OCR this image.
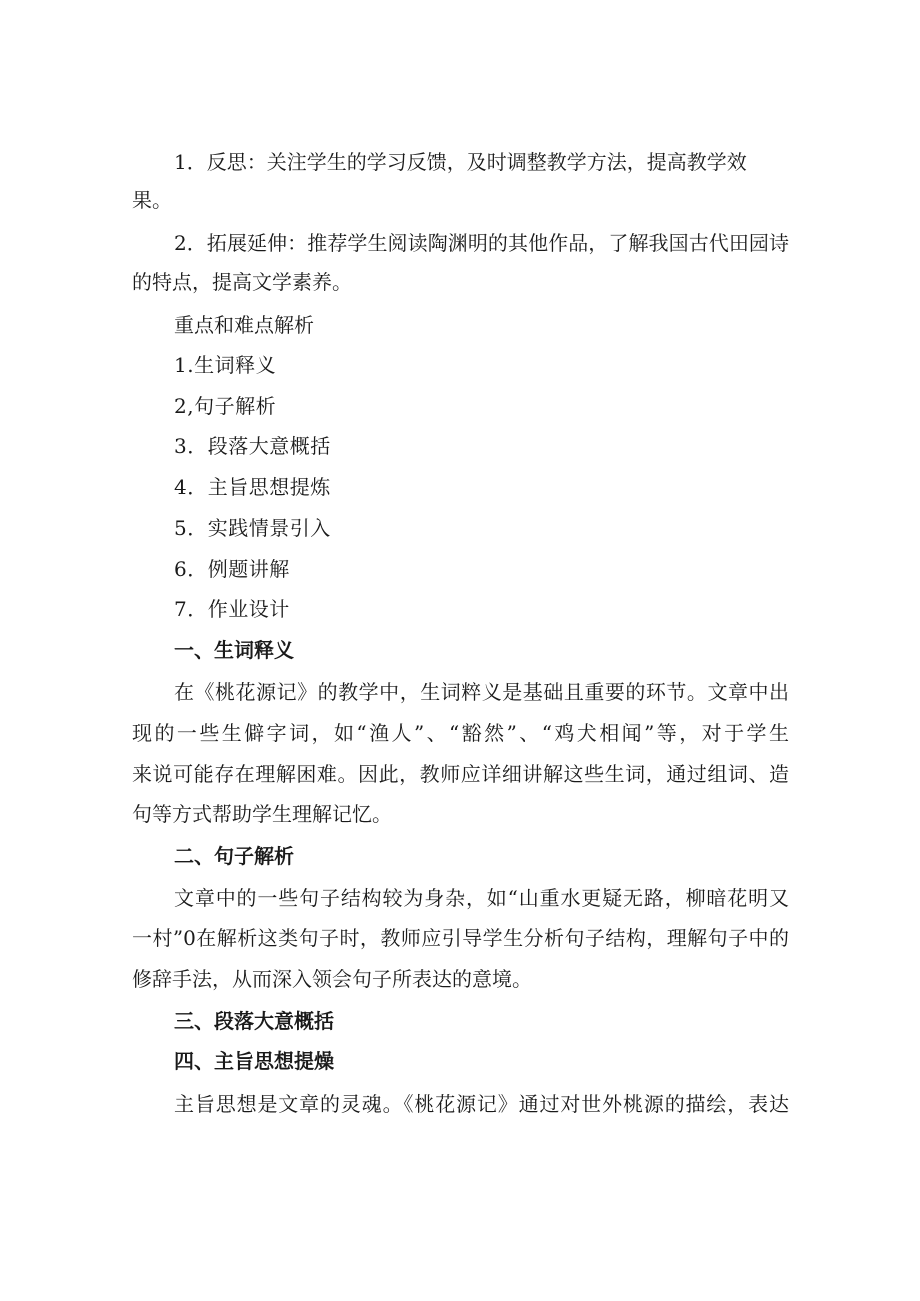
1．反思：关注学生的学习反馈，及时调整教学方法，提高教学效
果。
2．拓展延伸：推荐学生阅读陶渊明的其他作品，了解我国古代田园诗
的特点，提高文学素养。
重点和难点解析
1.生词释义
2,句子解析
3．段落大意概括
4．主旨思想提炼
5．实践情景引入
6．例题讲解
7．作业设计
一、生词释义
在《桃花源记》的教学中，生词粹义是基础且重要的环节。文章中出
现的一些生僻字词，如“渔人”、“豁然”、“鸡犬相闻”等，对于学生
来说可能存在理解困难。因此，教师应详细讲解这些生词，通过组词、造
句等方式帮助学生理解记忆。
二、句子解析
文章中的一些句子结构较为身杂，如“山重水更疑无路，柳暗花明又
一村”0在解析这类句子时，教师应引导学生分析句子结构，理解句子中的
修辞手法，从而深入领会句子所表达的意境。
三、段落大意概括
四、主旨思想提燥
主旨思想是文章的灵魂。《桃花源记》通过对世外桃源的描绘，表达
